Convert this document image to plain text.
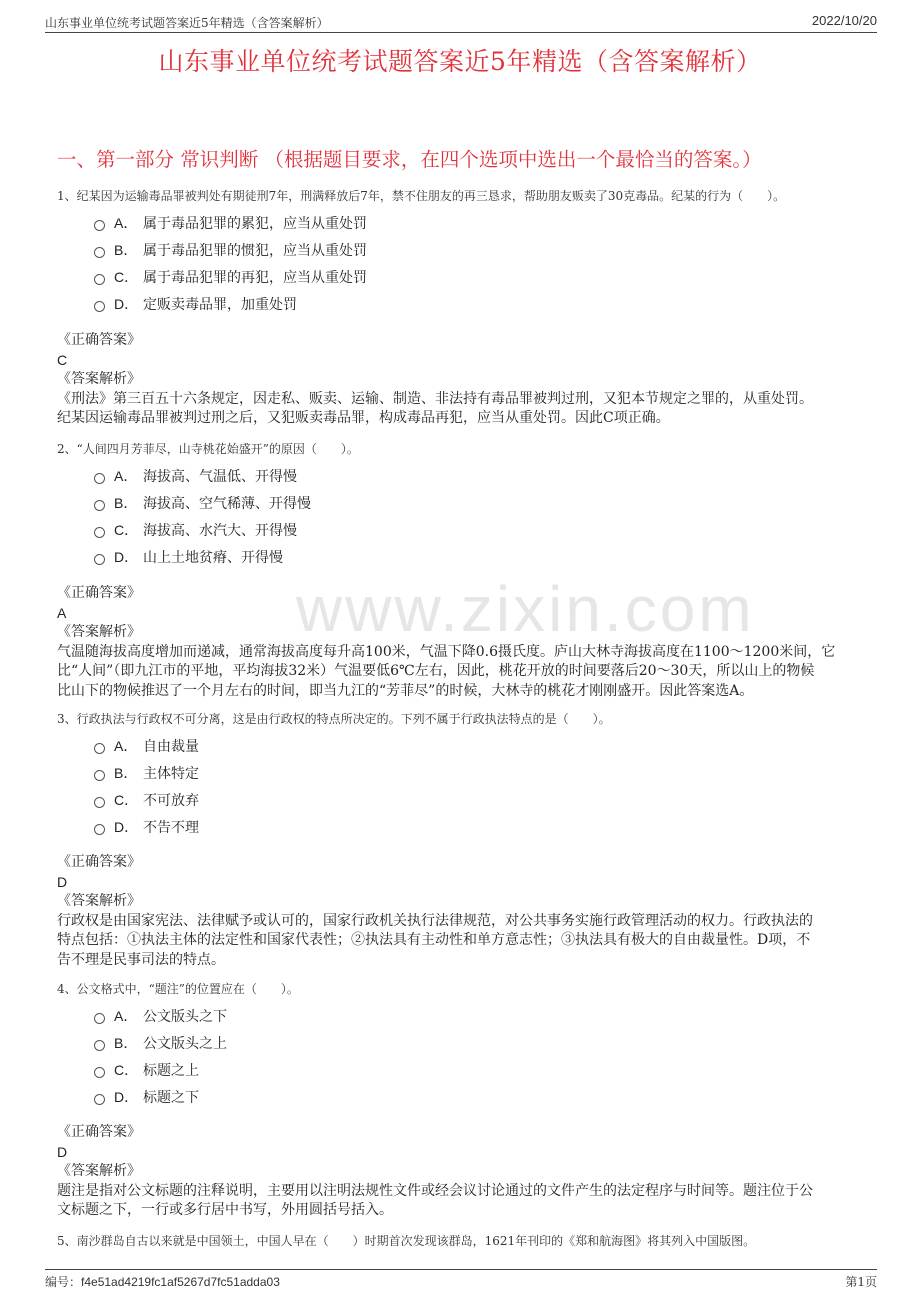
山东事业单位统考试题答案近5年精选（含答案解析）	2022/10/20
山东事业单位统考试题答案近5年精选（含答案解析）
一、第一部分 常识判断 （根据题目要求，在四个选项中选出一个最恰当的答案。）
www.zixin.com
1、纪某因为运输毒品罪被判处有期徒刑7年，刑满释放后7年，禁不住朋友的再三恳求，帮助朋友贩卖了30克毒品。纪某的行为（　　）。
A． 属于毒品犯罪的累犯，应当从重处罚
B． 属于毒品犯罪的惯犯，应当从重处罚
C． 属于毒品犯罪的再犯，应当从重处罚
D． 定贩卖毒品罪，加重处罚
《正确答案》
C
《答案解析》
《刑法》第三百五十六条规定，因走私、贩卖、运输、制造、非法持有毒品罪被判过刑，又犯本节规定之罪的，从重处罚。
纪某因运输毒品罪被判过刑之后，又犯贩卖毒品罪，构成毒品再犯，应当从重处罚。因此C项正确。
2、“人间四月芳菲尽，山寺桃花始盛开”的原因（　　）。
A． 海拔高、气温低、开得慢
B． 海拔高、空气稀薄、开得慢
C． 海拔高、水汽大、开得慢
D． 山上土地贫瘠、开得慢
《正确答案》
A
《答案解析》
气温随海拔高度增加而递减，通常海拔高度每升高100米，气温下降0.6摄氏度。庐山大林寺海拔高度在1100～1200米间，它
比“人间”（即九江市的平地，平均海拔32米）气温要低6℃左右，因此，桃花开放的时间要落后20～30天，所以山上的物候
比山下的物候推迟了一个月左右的时间，即当九江的“芳菲尽”的时候，大林寺的桃花才刚刚盛开。因此答案选A。
3、行政执法与行政权不可分离，这是由行政权的特点所决定的。下列不属于行政执法特点的是（　　）。
A． 自由裁量
B． 主体特定
C． 不可放弃
D． 不告不理
《正确答案》
D
《答案解析》
行政权是由国家宪法、法律赋予或认可的，国家行政机关执行法律规范，对公共事务实施行政管理活动的权力。行政执法的
特点包括：①执法主体的法定性和国家代表性；②执法具有主动性和单方意志性；③执法具有极大的自由裁量性。D项，不
告不理是民事司法的特点。
4、公文格式中，“题注”的位置应在（　　）。
A． 公文版头之下
B． 公文版头之上
C． 标题之上
D． 标题之下
《正确答案》
D
《答案解析》
题注是指对公文标题的注释说明，主要用以注明法规性文件或经会议讨论通过的文件产生的法定程序与时间等。题注位于公
文标题之下，一行或多行居中书写，外用圆括号括入。
5、南沙群岛自古以来就是中国领土，中国人早在（　　）时期首次发现该群岛，1621年刊印的《郑和航海图》将其列入中国版图。
编号：f4e51ad4219fc1af5267d7fc51adda03	第1页
